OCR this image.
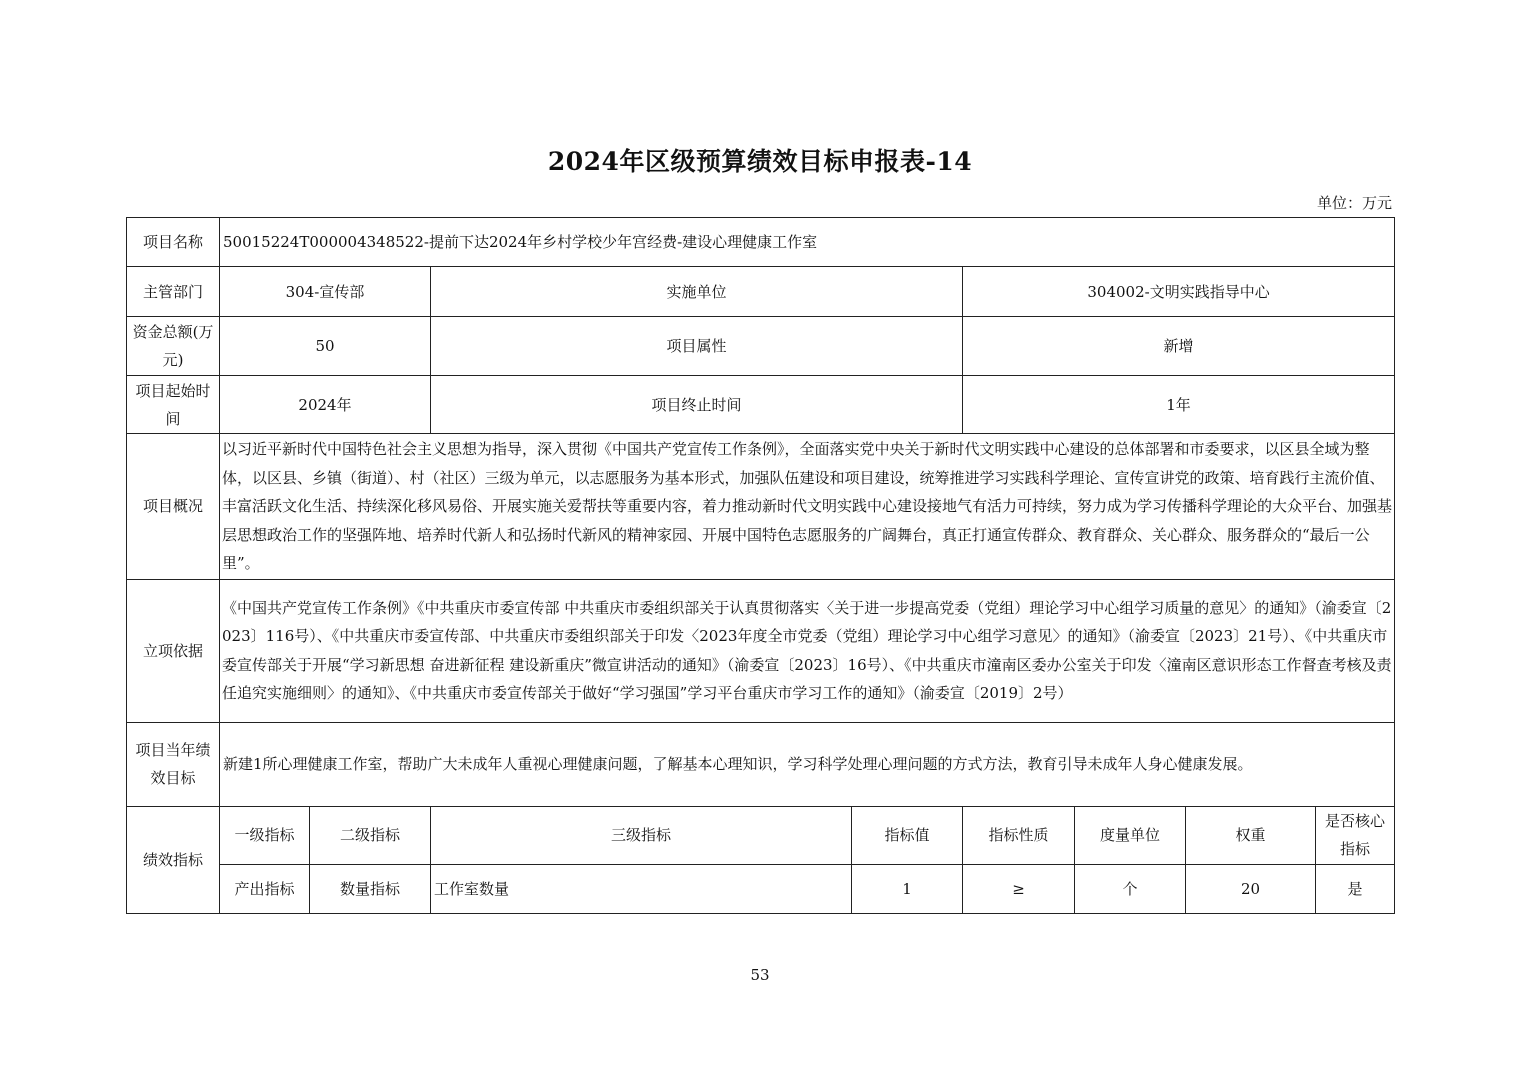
2024年区级预算绩效目标申报表-14
单位：万元
项目名称	50015224T000004348522-提前下达2024年乡村学校少年宫经费-建设心理健康工作室							
主管部门	304-宣传部		实施单位		304002-文明实践指导中心			
资金总额(万元)	50		项目属性		新增			
项目起始时间	2024年		项目终止时间		1年			
项目概况	以习近平新时代中国特色社会主义思想为指导，深入贯彻《中国共产党宣传工作条例》，全面落实党中央关于新时代文明实践中心建设的总体部署和市委要求，以区县全域为整体，以区县、乡镇（街道）、村（社区）三级为单元，以志愿服务为基本形式，加强队伍建设和项目建设，统筹推进学习实践科学理论、宣传宣讲党的政策、培育践行主流价值、丰富活跃文化生活、持续深化移风易俗、开展实施关爱帮扶等重要内容，着力推动新时代文明实践中心建设接地气有活力可持续，努力成为学习传播科学理论的大众平台、加强基层思想政治工作的坚强阵地、培养时代新人和弘扬时代新风的精神家园、开展中国特色志愿服务的广阔舞台，真正打通宣传群众、教育群众、关心群众、服务群众的“最后一公里”。							
立项依据	《中国共产党宣传工作条例》《中共重庆市委宣传部 中共重庆市委组织部关于认真贯彻落实〈关于进一步提高党委（党组）理论学习中心组学习质量的意见〉的通知》（渝委宣〔2023〕116号）、《中共重庆市委宣传部、中共重庆市委组织部关于印发〈2023年度全市党委（党组）理论学习中心组学习意见〉的通知》（渝委宣〔2023〕21号）、《中共重庆市委宣传部关于开展“学习新思想 奋进新征程 建设新重庆”微宣讲活动的通知》（渝委宣〔2023〕16号）、《中共重庆市潼南区委办公室关于印发〈潼南区意识形态工作督查考核及责任追究实施细则〉的通知》、《中共重庆市委宣传部关于做好“学习强国”学习平台重庆市学习工作的通知》（渝委宣〔2019〕2号）							
项目当年绩效目标	新建1所心理健康工作室，帮助广大未成年人重视心理健康问题，了解基本心理知识，学习科学处理心理问题的方式方法，教育引导未成年人身心健康发展。							
绩效指标	一级指标	二级指标	三级指标	指标值	指标性质	度量单位	权重	是否核心指标
	产出指标	数量指标	工作室数量	1	≥	个	20	是
53
